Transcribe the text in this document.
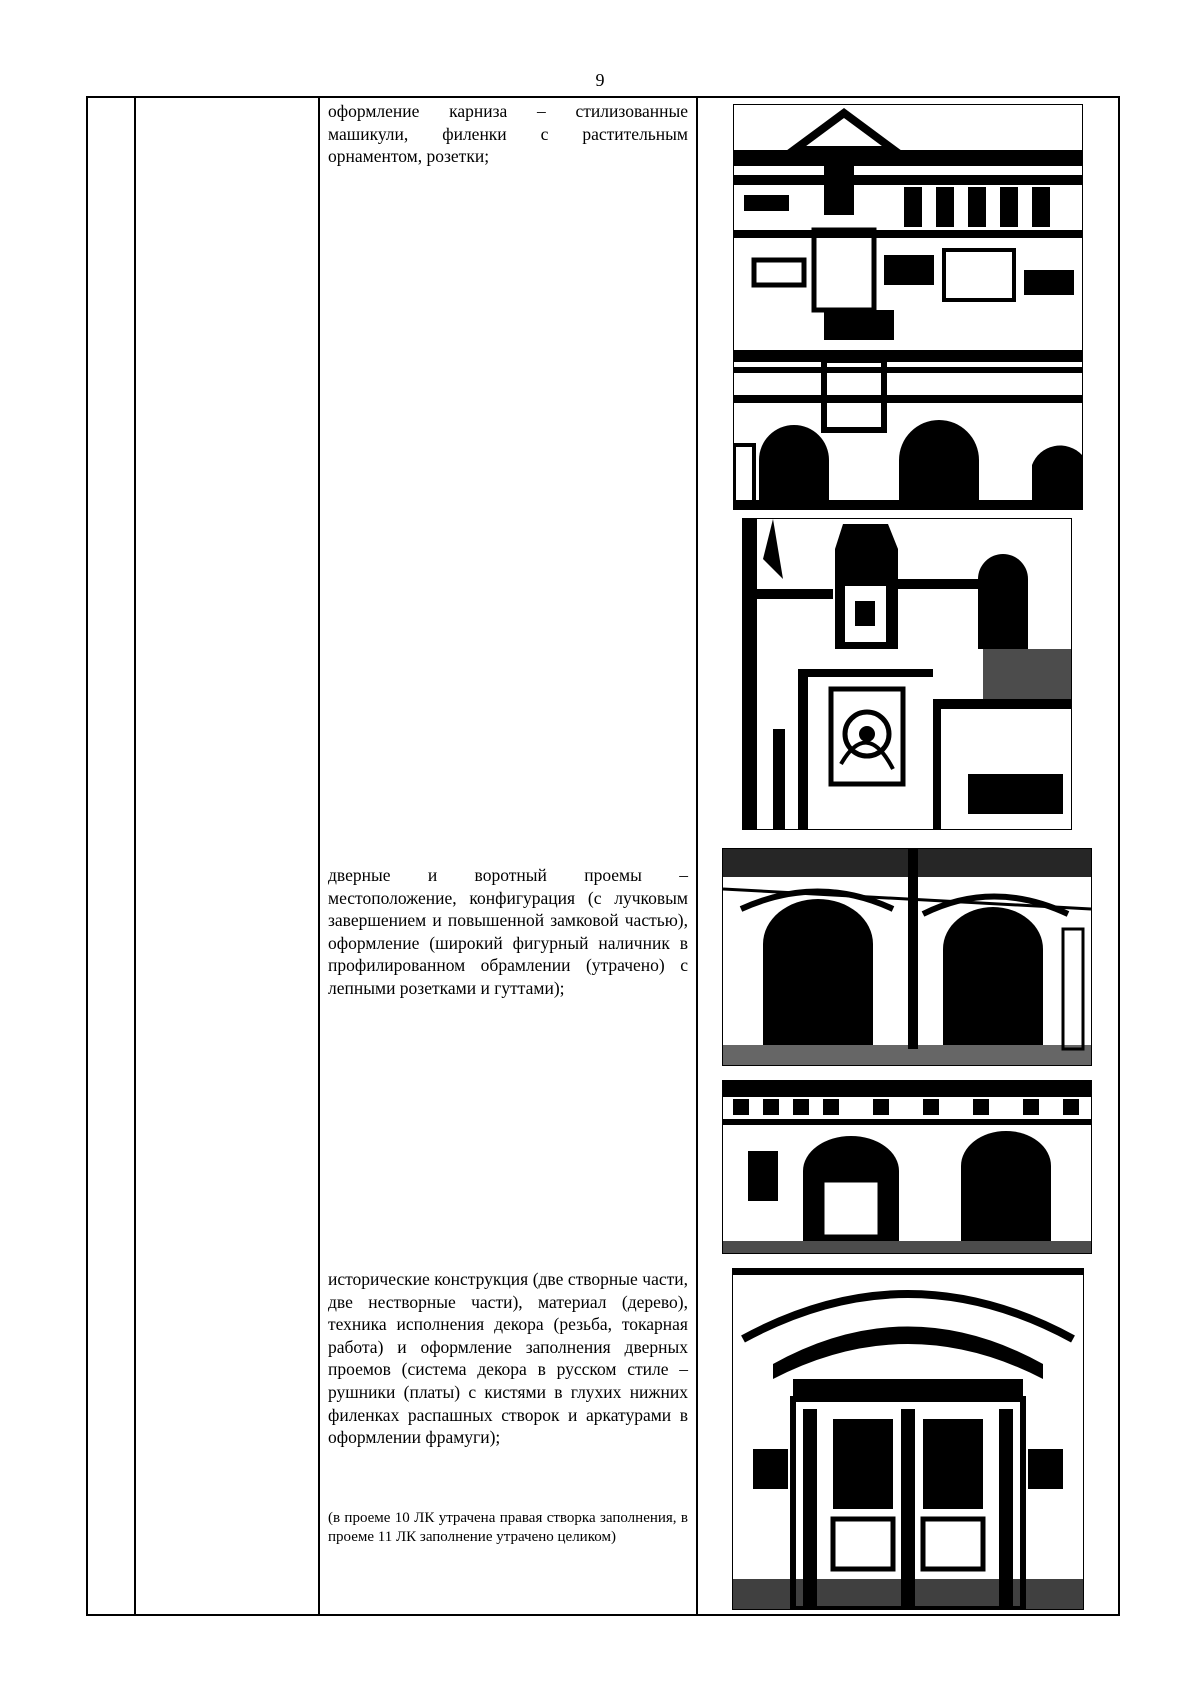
9
оформление карниза – стилизованные машикули, филенки с растительным орнаментом, розетки;
дверные и воротный проемы – местоположение, конфигурация (с лучковым завершением и повышенной замковой частью), оформление (широкий фигурный наличник в профилированном обрамлении (утрачено) с лепными розетками и гуттами);
исторические конструкция (две створные части, две нестворные части), материал (дерево), техника исполнения декора (резьба, токарная работа) и оформление заполнения дверных проемов (система декора в русском стиле – рушники (платы) с кистями в глухих нижних филенках распашных створок и аркатурами в оформлении фрамуги);
(в проеме 10 ЛК утрачена правая створка заполнения, в проеме 11 ЛК заполнение утрачено целиком)
